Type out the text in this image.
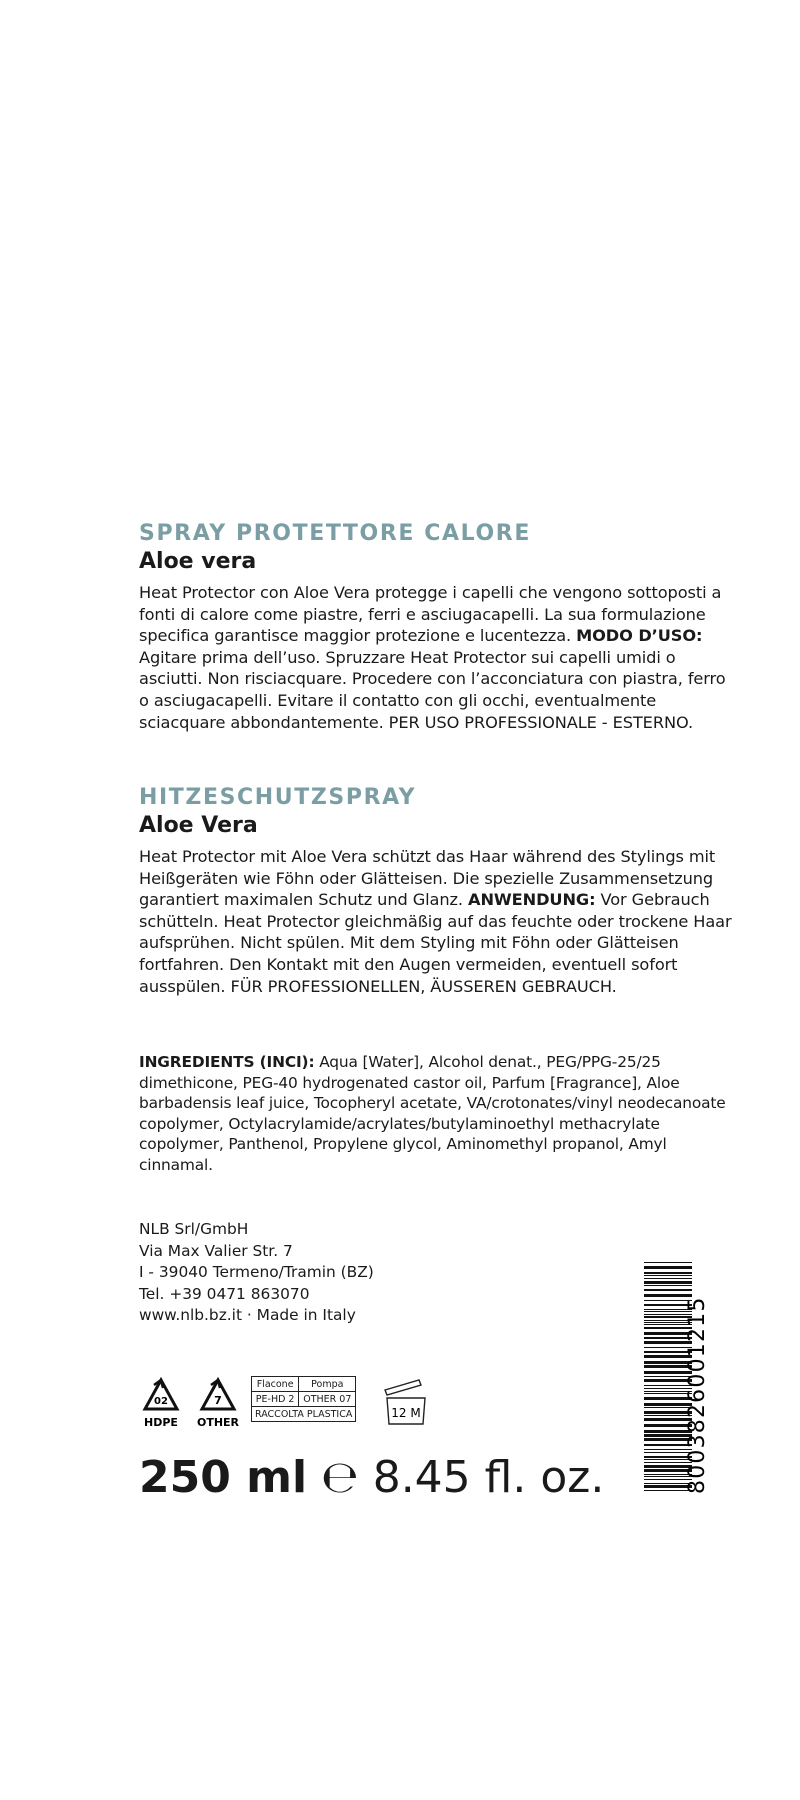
SPRAY PROTETTORE CALORE
Aloe vera

Heat Protector con Aloe Vera protegge i capelli che vengono sottoposti a fonti di calore come piastre, ferri e asciugacapelli. La sua formulazione specifica garantisce maggior protezione e lucentezza. MODO D’USO: Agitare prima dell’uso. Spruzzare Heat Protector sui capelli umidi o asciutti. Non risciacquare. Procedere con l’acconciatura con piastra, ferro o asciugacapelli. Evitare il contatto con gli occhi, eventualmente sciacquare abbondantemente. PER USO PROFESSIONALE - ESTERNO.

HITZESCHUTZSPRAY
Aloe Vera

Heat Protector mit Aloe Vera schützt das Haar während des Stylings mit Heißgeräten wie Föhn oder Glätteisen. Die spezielle Zusammensetzung garantiert maximalen Schutz und Glanz. ANWENDUNG: Vor Gebrauch schütteln. Heat Protector gleichmäßig auf das feuchte oder trockene Haar aufsprühen. Nicht spülen. Mit dem Styling mit Föhn oder Glätteisen fortfahren. Den Kontakt mit den Augen vermeiden, eventuell sofort ausspülen. FÜR PROFESSIONELLEN, ÄUSSEREN GEBRAUCH.

INGREDIENTS (INCI): Aqua [Water], Alcohol denat., PEG/PPG-25/25 dimethicone, PEG-40 hydrogenated castor oil, Parfum [Fragrance], Aloe barbadensis leaf juice, Tocopheryl acetate, VA/crotonates/vinyl neodecanoate copolymer, Octylacrylamide/acrylates/butylaminoethyl methacrylate copolymer, Panthenol, Propylene glycol, Aminomethyl propanol, Amyl cinnamal.

NLB Srl/GmbH
Via Max Valier Str. 7
I - 39040 Termeno/Tramin (BZ)
Tel. +39 0471 863070
www.nlb.bz.it · Made in Italy
02
HDPE
7
OTHER
Flacone	Pompa
PE-HD 2	OTHER 07
RACCOLTA PLASTICA		12 M
250 ml ℮ 8.45 fl. oz.	8003826001215
